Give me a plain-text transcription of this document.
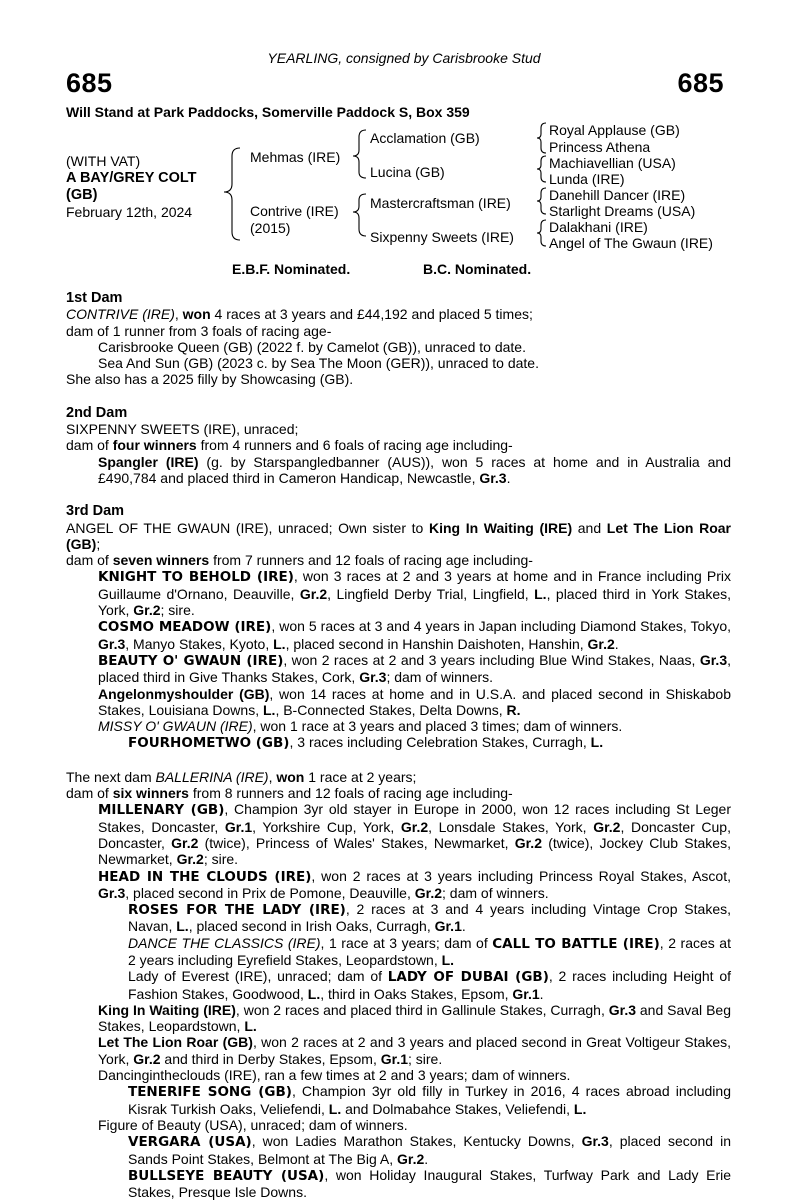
YEARLING, consigned by Carisbrooke Stud
685	685
Will Stand at Park Paddocks, Somerville Paddock S, Box 359
(WITH VAT)
A BAY/GREY COLT
(GB)
February 12th, 2024
Mehmas (IRE)
Contrive (IRE)
(2015)
Acclamation (GB)
Lucina (GB)
Mastercraftsman (IRE)
Sixpenny Sweets (IRE)
Royal Applause (GB)
Princess Athena
Machiavellian (USA)
Lunda (IRE)
Danehill Dancer (IRE)
Starlight Dreams (USA)
Dalakhani (IRE)
Angel of The Gwaun (IRE)
E.B.F. Nominated.	B.C. Nominated.
1st Dam

CONTRIVE (IRE), won 4 races at 3 years and £44,192 and placed 5 times;

dam of 1 runner from 3 foals of racing age-

Carisbrooke Queen (GB) (2022 f. by Camelot (GB)), unraced to date.

Sea And Sun (GB) (2023 c. by Sea The Moon (GER)), unraced to date.

She also has a 2025 filly by Showcasing (GB).

2nd Dam

SIXPENNY SWEETS (IRE), unraced;

dam of four winners from 4 runners and 6 foals of racing age including-

Spangler (IRE) (g. by Starspangledbanner (AUS)), won 5 races at home and in Australia and £490,784 and placed third in Cameron Handicap, Newcastle, Gr.3.

3rd Dam

ANGEL OF THE GWAUN (IRE), unraced; Own sister to King In Waiting (IRE) and Let The Lion Roar (GB);

dam of seven winners from 7 runners and 12 foals of racing age including-

KNIGHT TO BEHOLD (IRE), won 3 races at 2 and 3 years at home and in France including Prix Guillaume d'Ornano, Deauville, Gr.2, Lingfield Derby Trial, Lingfield, L., placed third in York Stakes, York, Gr.2; sire.

COSMO MEADOW (IRE), won 5 races at 3 and 4 years in Japan including Diamond Stakes, Tokyo, Gr.3, Manyo Stakes, Kyoto, L., placed second in Hanshin Daishoten, Hanshin, Gr.2.

BEAUTY O' GWAUN (IRE), won 2 races at 2 and 3 years including Blue Wind Stakes, Naas, Gr.3, placed third in Give Thanks Stakes, Cork, Gr.3; dam of winners.

Angelonmyshoulder (GB), won 14 races at home and in U.S.A. and placed second in Shiskabob Stakes, Louisiana Downs, L., B-Connected Stakes, Delta Downs, R.

MISSY O' GWAUN (IRE), won 1 race at 3 years and placed 3 times; dam of winners.

FOURHOMETWO (GB), 3 races including Celebration Stakes, Curragh, L.

The next dam BALLERINA (IRE), won 1 race at 2 years;

dam of six winners from 8 runners and 12 foals of racing age including-

MILLENARY (GB), Champion 3yr old stayer in Europe in 2000, won 12 races including St Leger Stakes, Doncaster, Gr.1, Yorkshire Cup, York, Gr.2, Lonsdale Stakes, York, Gr.2, Doncaster Cup, Doncaster, Gr.2 (twice), Princess of Wales' Stakes, Newmarket, Gr.2 (twice), Jockey Club Stakes, Newmarket, Gr.2; sire.

HEAD IN THE CLOUDS (IRE), won 2 races at 3 years including Princess Royal Stakes, Ascot, Gr.3, placed second in Prix de Pomone, Deauville, Gr.2; dam of winners.

ROSES FOR THE LADY (IRE), 2 races at 3 and 4 years including Vintage Crop Stakes, Navan, L., placed second in Irish Oaks, Curragh, Gr.1.

DANCE THE CLASSICS (IRE), 1 race at 3 years; dam of CALL TO BATTLE (IRE), 2 races at 2 years including Eyrefield Stakes, Leopardstown, L.

Lady of Everest (IRE), unraced; dam of LADY OF DUBAI (GB), 2 races including Height of Fashion Stakes, Goodwood, L., third in Oaks Stakes, Epsom, Gr.1.

King In Waiting (IRE), won 2 races and placed third in Gallinule Stakes, Curragh, Gr.3 and Saval Beg Stakes, Leopardstown, L.

Let The Lion Roar (GB), won 2 races at 2 and 3 years and placed second in Great Voltigeur Stakes, York, Gr.2 and third in Derby Stakes, Epsom, Gr.1; sire.

Dancingintheclouds (IRE), ran a few times at 2 and 3 years; dam of winners.

TENERIFE SONG (GB), Champion 3yr old filly in Turkey in 2016, 4 races abroad including Kisrak Turkish Oaks, Veliefendi, L. and Dolmabahce Stakes, Veliefendi, L.

Figure of Beauty (USA), unraced; dam of winners.

VERGARA (USA), won Ladies Marathon Stakes, Kentucky Downs, Gr.3, placed second in Sands Point Stakes, Belmont at The Big A, Gr.2.

BULLSEYE BEAUTY (USA), won Holiday Inaugural Stakes, Turfway Park and Lady Erie Stakes, Presque Isle Downs.
